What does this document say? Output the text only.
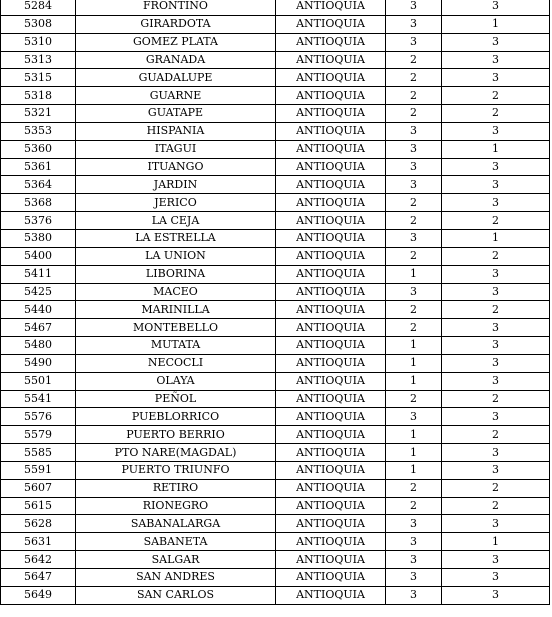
5284	FRONTINO	ANTIOQUIA	3	3
5308	GIRARDOTA	ANTIOQUIA	3	1
5310	GOMEZ PLATA	ANTIOQUIA	3	3
5313	GRANADA	ANTIOQUIA	2	3
5315	GUADALUPE	ANTIOQUIA	2	3
5318	GUARNE	ANTIOQUIA	2	2
5321	GUATAPE	ANTIOQUIA	2	2
5353	HISPANIA	ANTIOQUIA	3	3
5360	ITAGUI	ANTIOQUIA	3	1
5361	ITUANGO	ANTIOQUIA	3	3
5364	JARDIN	ANTIOQUIA	3	3
5368	JERICO	ANTIOQUIA	2	3
5376	LA CEJA	ANTIOQUIA	2	2
5380	LA ESTRELLA	ANTIOQUIA	3	1
5400	LA UNION	ANTIOQUIA	2	2
5411	LIBORINA	ANTIOQUIA	1	3
5425	MACEO	ANTIOQUIA	3	3
5440	MARINILLA	ANTIOQUIA	2	2
5467	MONTEBELLO	ANTIOQUIA	2	3
5480	MUTATA	ANTIOQUIA	1	3
5490	NECOCLI	ANTIOQUIA	1	3
5501	OLAYA	ANTIOQUIA	1	3
5541	PEÑOL	ANTIOQUIA	2	2
5576	PUEBLORRICO	ANTIOQUIA	3	3
5579	PUERTO BERRIO	ANTIOQUIA	1	2
5585	PTO NARE(MAGDAL)	ANTIOQUIA	1	3
5591	PUERTO TRIUNFO	ANTIOQUIA	1	3
5607	RETIRO	ANTIOQUIA	2	2
5615	RIONEGRO	ANTIOQUIA	2	2
5628	SABANALARGA	ANTIOQUIA	3	3
5631	SABANETA	ANTIOQUIA	3	1
5642	SALGAR	ANTIOQUIA	3	3
5647	SAN ANDRES	ANTIOQUIA	3	3
5649	SAN CARLOS	ANTIOQUIA	3	3
